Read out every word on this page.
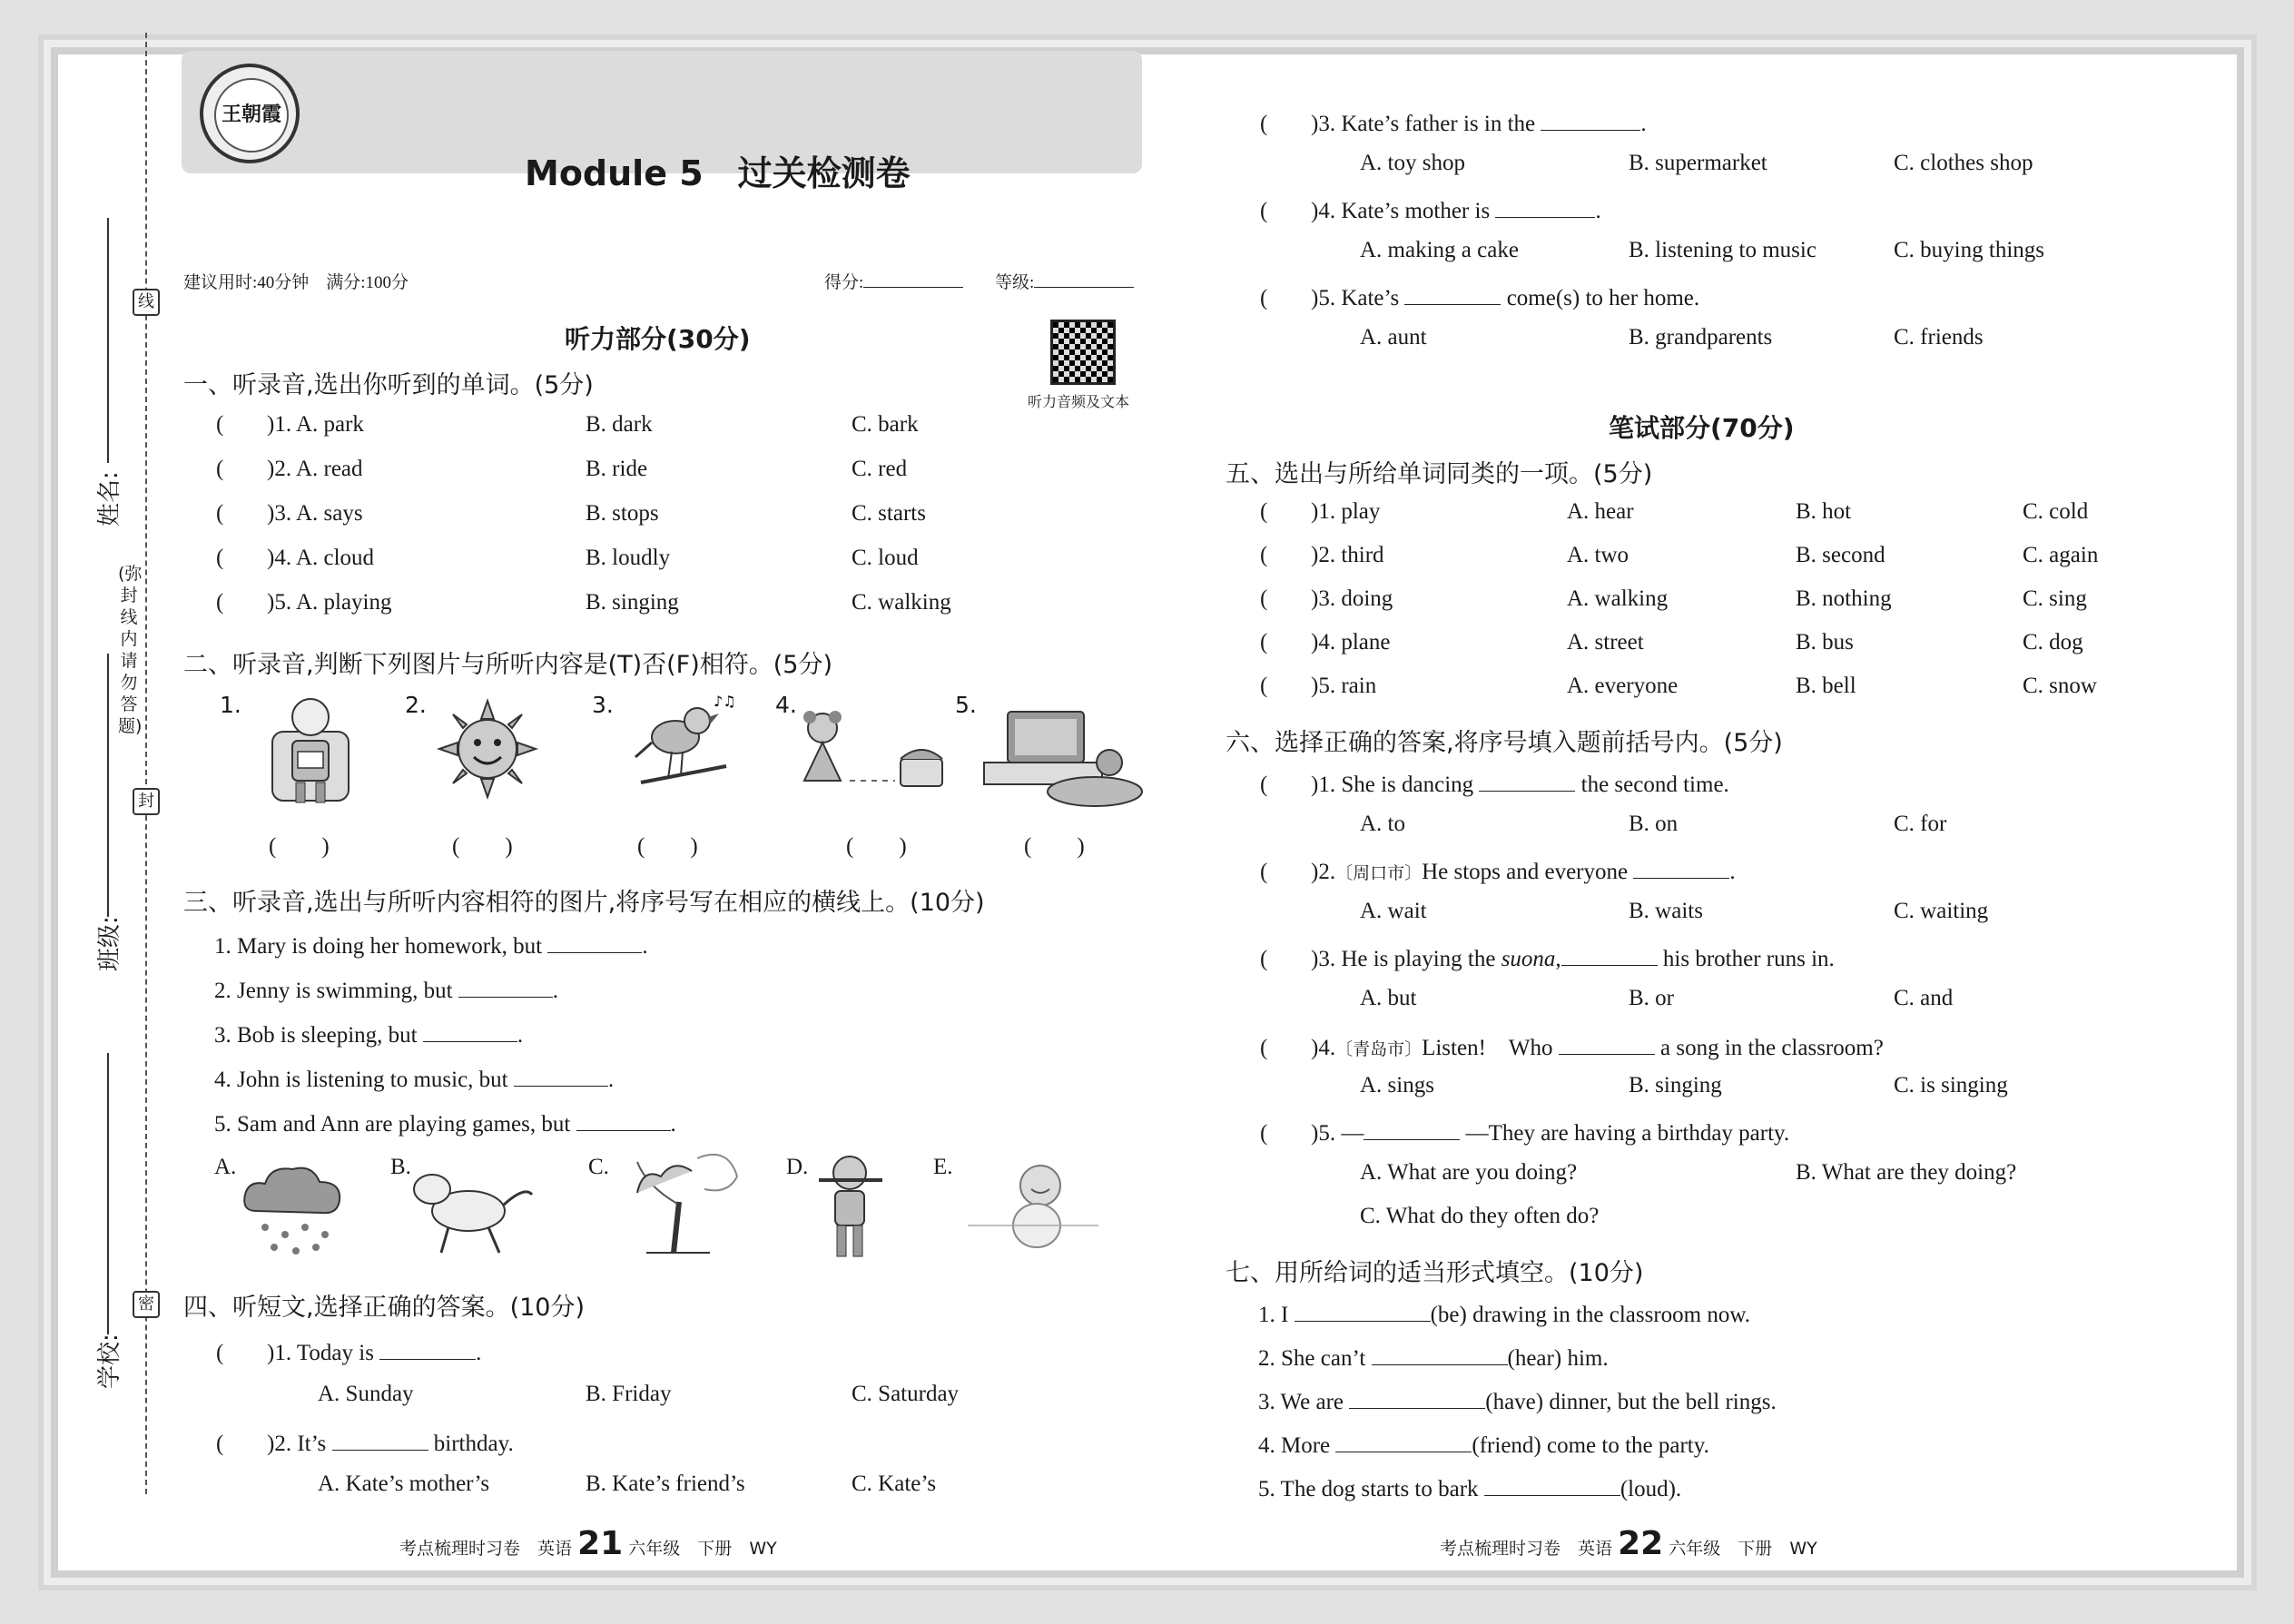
线
封
密
(弥封线内请勿答题)
姓名:
班级:
学校:
王朝霞
Module 5　过关检测卷
建议用时:40分钟　满分:100分	得分:	等级:
听力部分(30分)
听力音频及文本
一、听录音,选出你听到的单词。(5分)
( )1. A. park	B. dark	C. bark
( )2. A. read	B. ride	C. red
( )3. A. says	B. stops	C. starts
( )4. A. cloud	B. loudly	C. loud
( )5. A. playing	B. singing	C. walking
二、听录音,判断下列图片与所听内容是(T)否(F)相符。(5分)
1.	2.	3.	4.	5.
♪♫
(　　)	(　　)	(　　)	(　　)	(　　)
三、听录音,选出与所听内容相符的图片,将序号写在相应的横线上。(10分)
1. Mary is doing her homework, but	.
2. Jenny is swimming, but	.
3. Bob is sleeping, but	.
4. John is listening to music, but	.
5. Sam and Ann are playing games, but	.
A.	B.	C.	D.	E.
四、听短文,选择正确的答案。(10分)
( )1. Today is	.
A. Sunday	B. Friday	C. Saturday
( )2. It’s	birthday.
A. Kate’s mother’s	B. Kate’s friend’s	C. Kate’s
考点梳理时习卷　 英语 21 六年级　 下册　 WY
( )3. Kate’s father is in the	.
A. toy shop	B. supermarket	C. clothes shop
( )4. Kate’s mother is	.
A. making a cake	B. listening to music	C. buying things
( )5. Kate’s	come(s) to her home.
A. aunt	B. grandparents	C. friends
笔试部分(70分)
五、选出与所给单词同类的一项。(5分)
( )1. play	A. hear	B. hot	C. cold
( )2. third	A. two	B. second	C. again
( )3. doing	A. walking	B. nothing	C. sing
( )4. plane	A. street	B. bus	C. dog
( )5. rain	A. everyone	B. bell	C. snow
六、选择正确的答案,将序号填入题前括号内。(5分)
( )1. She is dancing	the second time.
A. to	B. on	C. for
( )2.〔周口市〕He stops and everyone	.
A. wait	B. waits	C. waiting
( )3. He is playing the suona,	his brother runs in.
A. but	B. or	C. and
( )4.〔青岛市〕Listen!　Who	a song in the classroom?
A. sings	B. singing	C. is singing
( )5. —	—They are having a birthday party.
A. What are you doing?	B. What are they doing?
C. What do they often do?
七、用所给词的适当形式填空。(10分)
1. I	(be) drawing in the classroom now.
2. She can’t	(hear) him.
3. We are	(have) dinner, but the bell rings.
4. More	(friend) come to the party.
5. The dog starts to bark	(loud).
考点梳理时习卷　 英语 22 六年级　 下册　 WY
